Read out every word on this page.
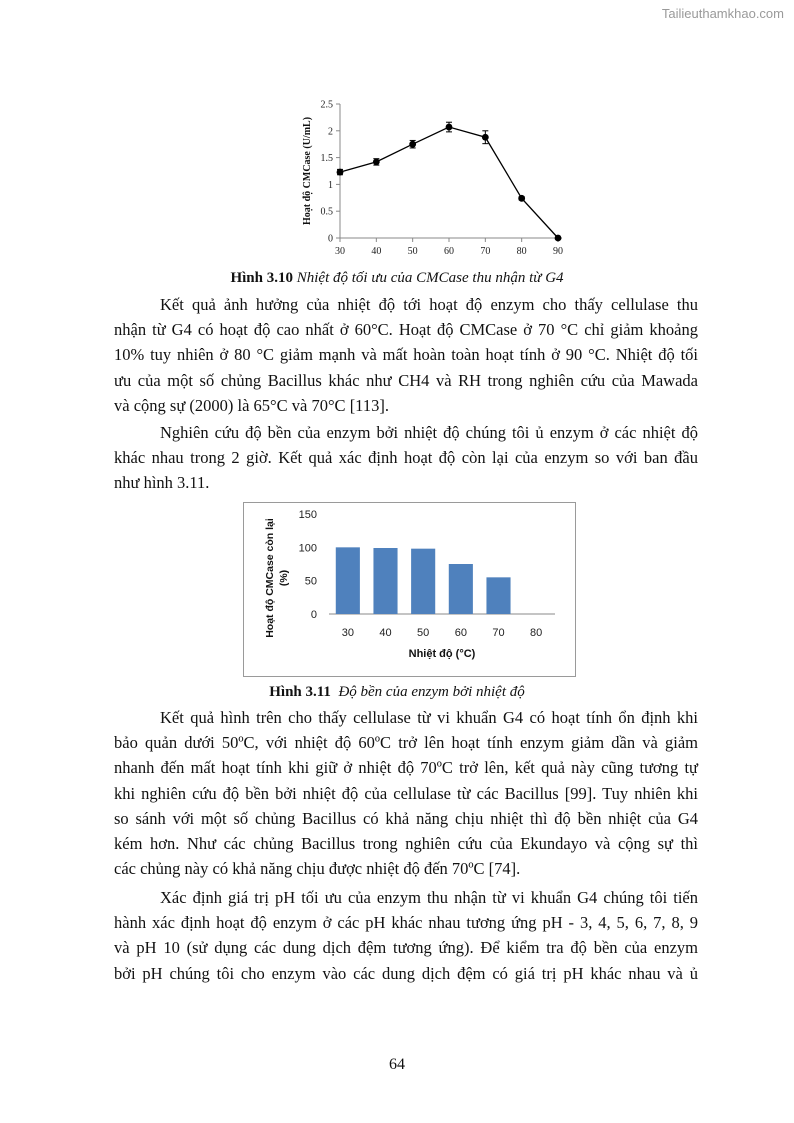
Tailieuthamkhao.com
0
0.5
1
1.5
2
2.5
30	40	50	60	70	80	90
Hoạt độ CMCase (U/mL)
Hình 3.10 Nhiệt độ tối ưu của CMCase thu nhận từ G4
Kết quả ảnh hưởng của nhiệt độ tới hoạt độ enzym cho thấy cellulase thu
nhận từ G4 có hoạt độ cao nhất ở 60°C. Hoạt độ CMCase ở 70 °C chỉ giảm khoảng
10% tuy nhiên ở 80 °C giảm mạnh và mất hoàn toàn hoạt tính ở 90 °C. Nhiệt độ tối
ưu của một số chủng Bacillus khác như CH4 và RH trong nghiên cứu của Mawada
và cộng sự (2000) là 65°C và 70°C [113].
Nghiên cứu độ bền của enzym bởi nhiệt độ chúng tôi ủ enzym ở các nhiệt độ
khác nhau trong 2 giờ. Kết quả xác định hoạt độ còn lại của enzym so với ban đầu
như hình 3.11.
0
50
100
150
30 40 50 60 70 80
Nhiệt độ (°C)
Hoạt độ CMCase còn lại (%)
Hình 3.11 Độ bền của enzym bởi nhiệt độ
Kết quả hình trên cho thấy cellulase từ vi khuẩn G4 có hoạt tính ổn định khi
bảo quản dưới 50ºC, với nhiệt độ 60ºC trở lên hoạt tính enzym giảm dần và giảm
nhanh đến mất hoạt tính khi giữ ở nhiệt độ 70ºC trở lên, kết quả này cũng tương tự
khi nghiên cứu độ bền bởi nhiệt độ của cellulase từ các Bacillus [99]. Tuy nhiên khi
so sánh với một số chủng Bacillus có khả năng chịu nhiệt thì độ bền nhiệt của G4
kém hơn. Như các chủng Bacillus trong nghiên cứu của Ekundayo và cộng sự thì
các chủng này có khả năng chịu được nhiệt độ đến 70ºC [74].
Xác định giá trị pH tối ưu của enzym thu nhận từ vi khuẩn G4 chúng tôi tiến
hành xác định hoạt độ enzym ở các pH khác nhau tương ứng pH - 3, 4, 5, 6, 7, 8, 9
và pH 10 (sử dụng các dung dịch đệm tương ứng). Để kiểm tra độ bền của enzym
bởi pH chúng tôi cho enzym vào các dung dịch đệm có giá trị pH khác nhau và ủ
64
